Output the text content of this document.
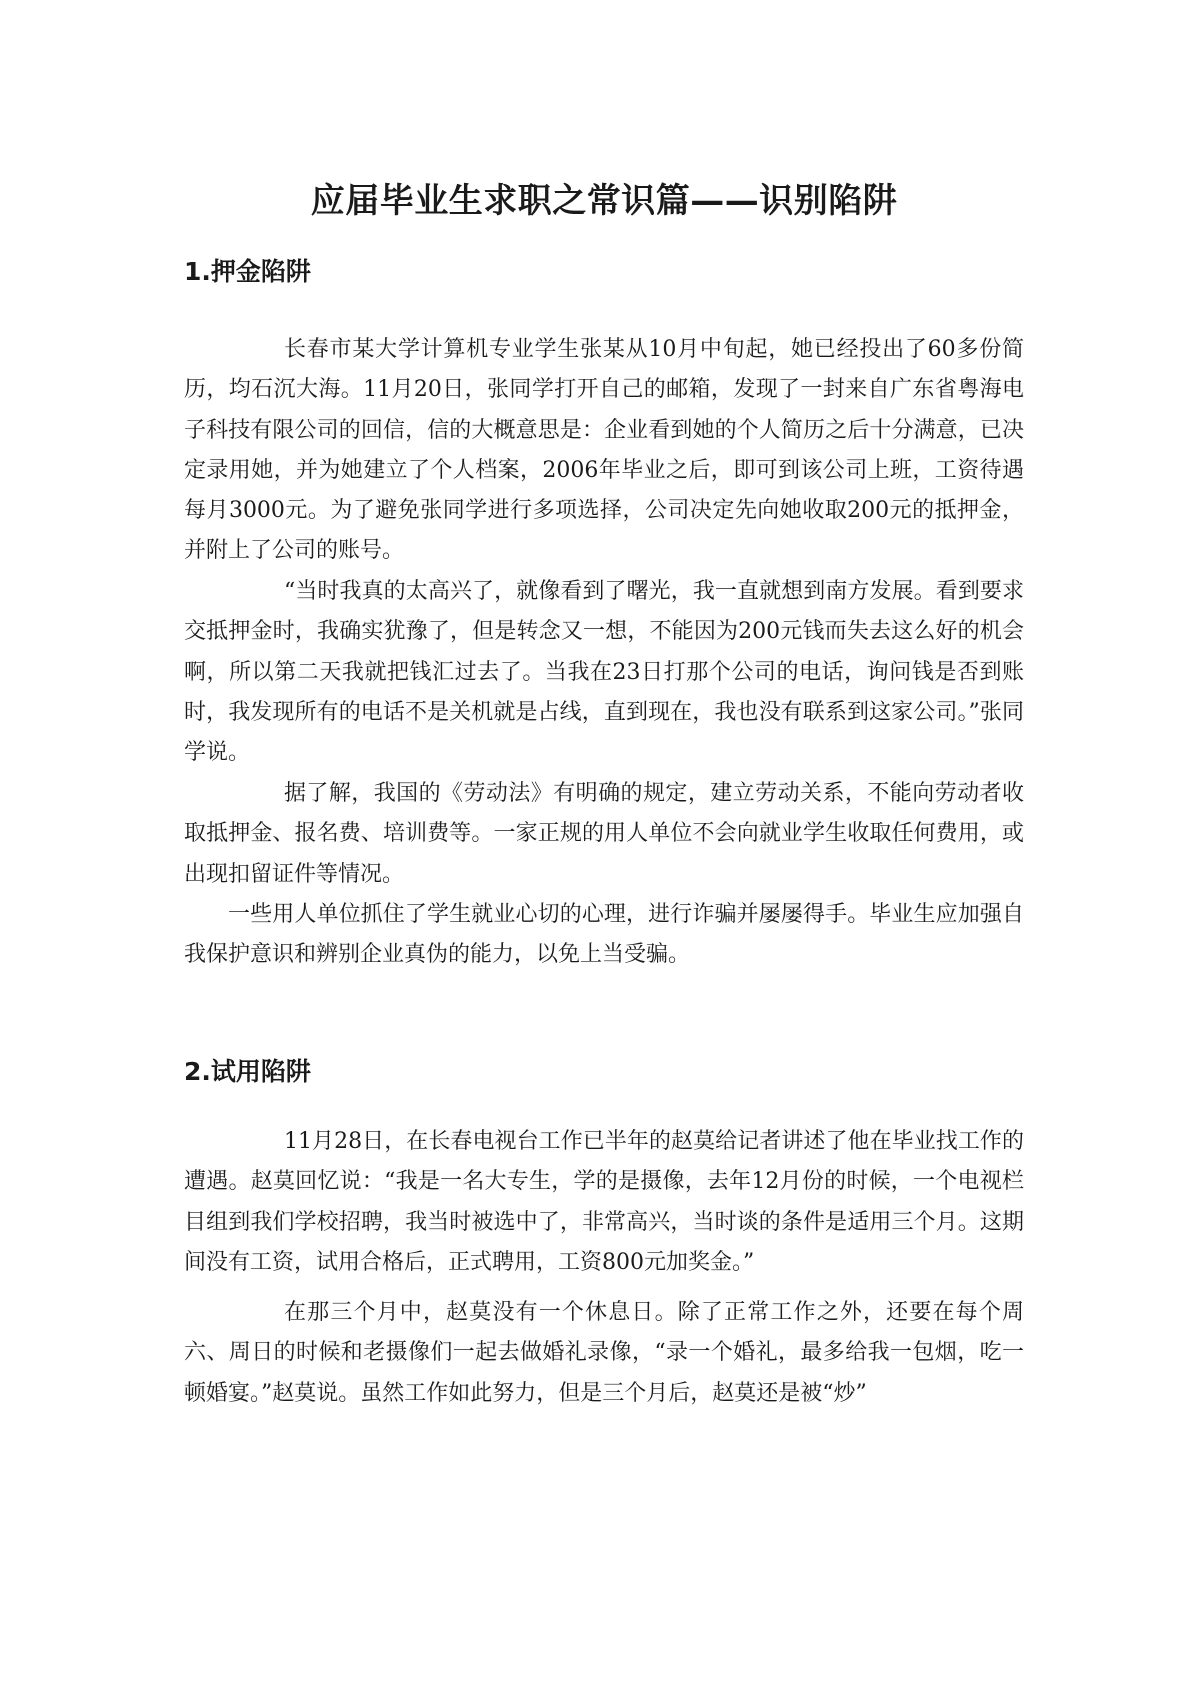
应届毕业生求职之常识篇——识别陷阱
1.押金陷阱

长春市某大学计算机专业学生张某从10月中旬起，她已经投出了60多份简历，均石沉大海。11月20日，张同学打开自己的邮箱，发现了一封来自广东省粤海电子科技有限公司的回信，信的大概意思是：企业看到她的个人简历之后十分满意，已决定录用她，并为她建立了个人档案，2006年毕业之后，即可到该公司上班，工资待遇每月3000元。为了避免张同学进行多项选择，公司决定先向她收取200元的抵押金，并附上了公司的账号。

“当时我真的太高兴了，就像看到了曙光，我一直就想到南方发展。看到要求交抵押金时，我确实犹豫了，但是转念又一想，不能因为200元钱而失去这么好的机会啊，所以第二天我就把钱汇过去了。当我在23日打那个公司的电话，询问钱是否到账时，我发现所有的电话不是关机就是占线，直到现在，我也没有联系到这家公司。”张同学说。

据了解，我国的《劳动法》有明确的规定，建立劳动关系，不能向劳动者收取抵押金、报名费、培训费等。一家正规的用人单位不会向就业学生收取任何费用，或出现扣留证件等情况。

一些用人单位抓住了学生就业心切的心理，进行诈骗并屡屡得手。毕业生应加强自我保护意识和辨别企业真伪的能力，以免上当受骗。

2.试用陷阱

11月28日，在长春电视台工作已半年的赵莫给记者讲述了他在毕业找工作的遭遇。赵莫回忆说：“我是一名大专生，学的是摄像，去年12月份的时候，一个电视栏目组到我们学校招聘，我当时被选中了，非常高兴，当时谈的条件是适用三个月。这期间没有工资，试用合格后，正式聘用，工资800元加奖金。”

在那三个月中，赵莫没有一个休息日。除了正常工作之外，还要在每个周六、周日的时候和老摄像们一起去做婚礼录像，“录一个婚礼，最多给我一包烟，吃一顿婚宴。”赵莫说。虽然工作如此努力，但是三个月后，赵莫还是被“炒”
